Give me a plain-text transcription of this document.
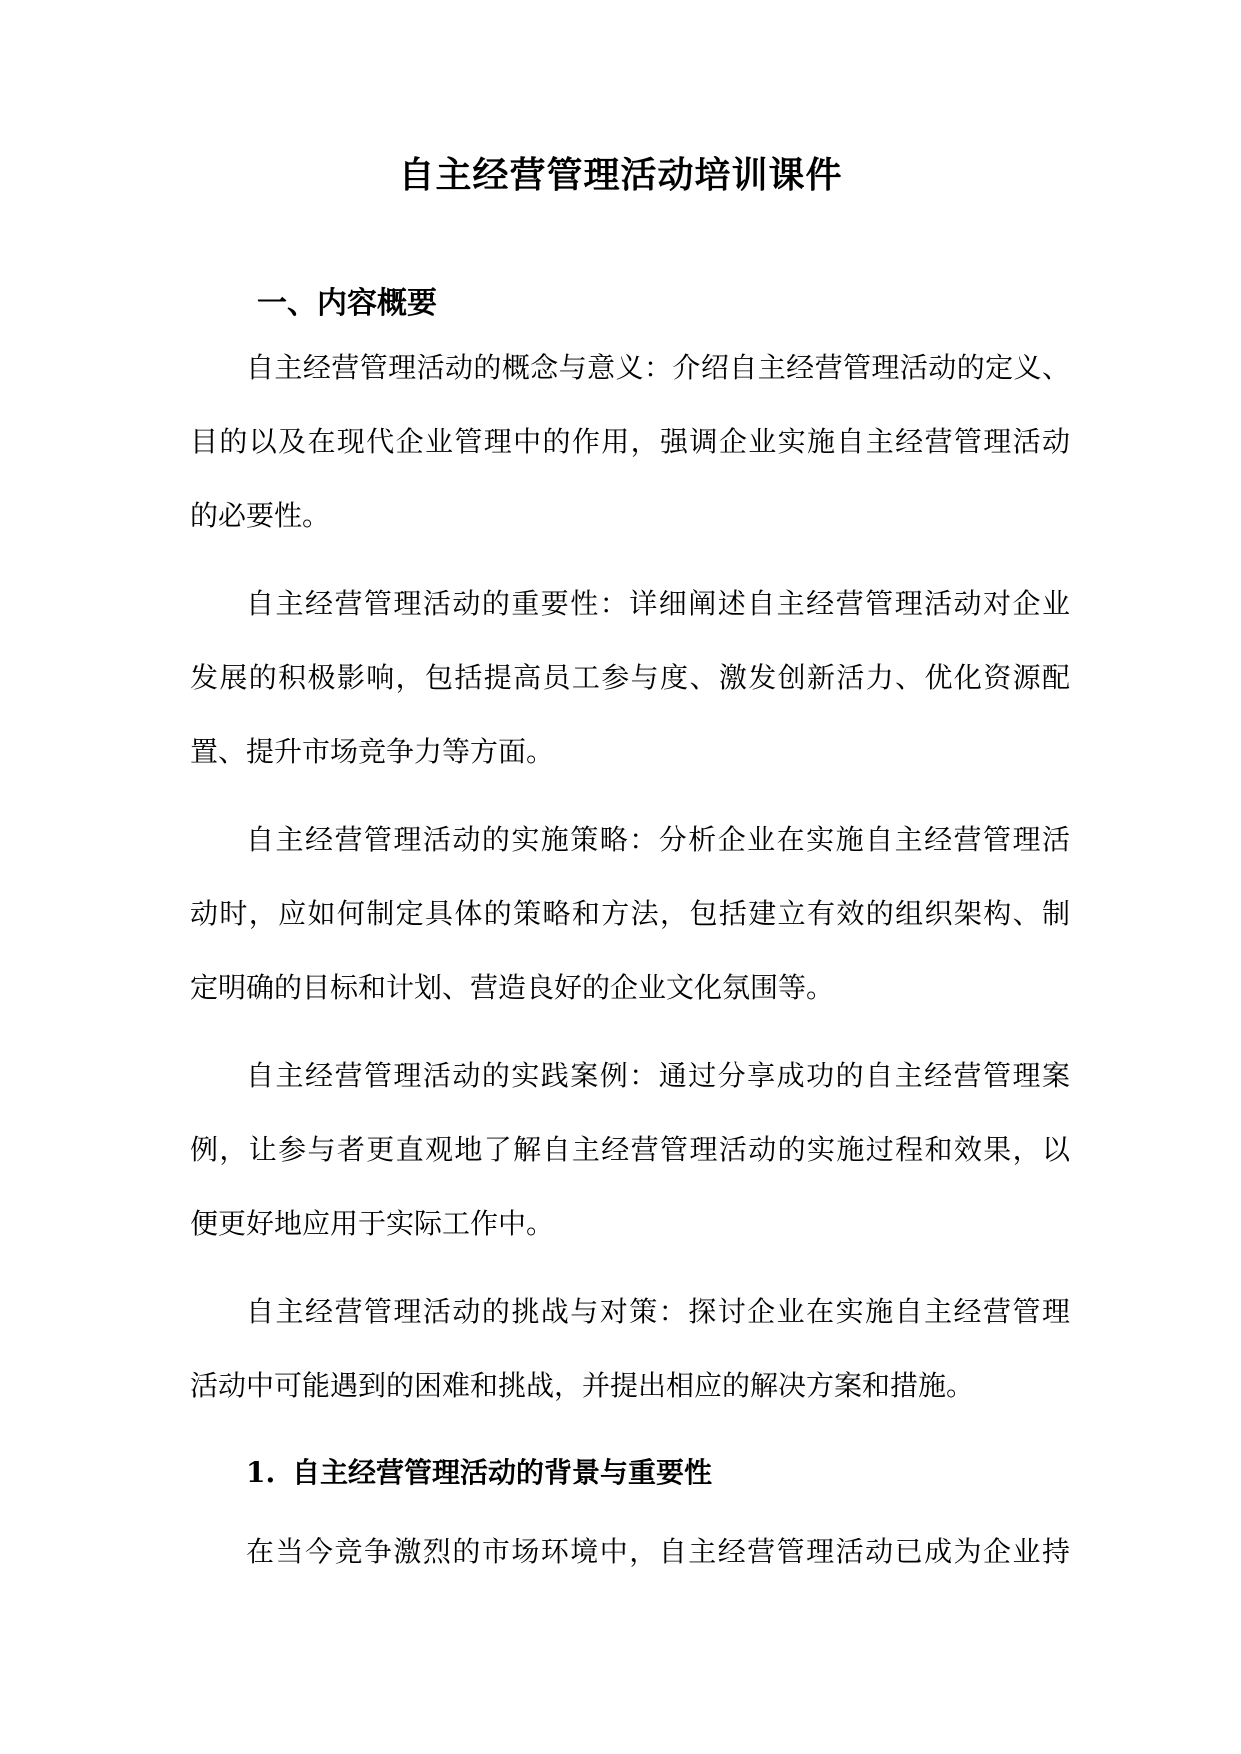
自主经营管理活动培训课件
一、内容概要
自主经营管理活动的概念与意义：介绍自主经营管理活动的定义、
目的以及在现代企业管理中的作用，强调企业实施自主经营管理活动
的必要性。
自主经营管理活动的重要性：详细阐述自主经营管理活动对企业
发展的积极影响，包括提高员工参与度、激发创新活力、优化资源配
置、提升市场竞争力等方面。
自主经营管理活动的实施策略：分析企业在实施自主经营管理活
动时，应如何制定具体的策略和方法，包括建立有效的组织架构、制
定明确的目标和计划、营造良好的企业文化氛围等。
自主经营管理活动的实践案例：通过分享成功的自主经营管理案
例，让参与者更直观地了解自主经营管理活动的实施过程和效果，以
便更好地应用于实际工作中。
自主经营管理活动的挑战与对策：探讨企业在实施自主经营管理
活动中可能遇到的困难和挑战，并提出相应的解决方案和措施。
1. 自主经营管理活动的背景与重要性
在当今竞争激烈的市场环境中，自主经营管理活动已成为企业持
